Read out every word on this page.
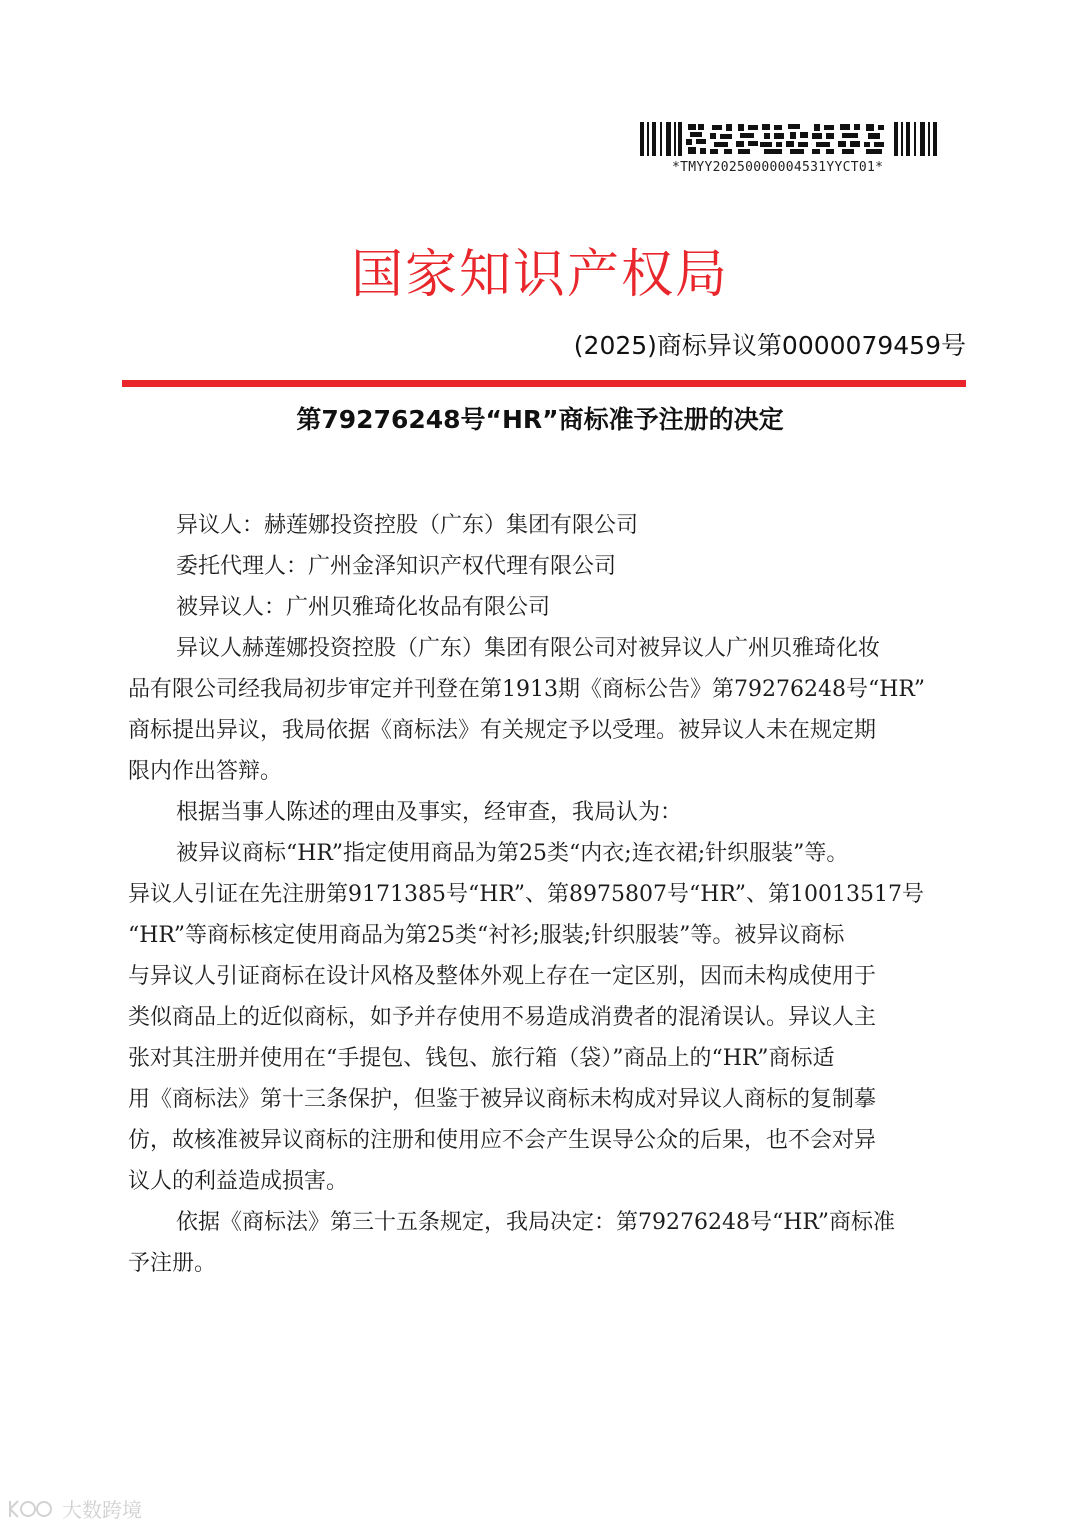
*TMYY20250000004531YYCT01*
国家知识产权局
(2025)商标异议第0000079459号
第79276248号“HR”商标准予注册的决定
异议人：赫莲娜投资控股（广东）集团有限公司
委托代理人：广州金泽知识产权代理有限公司
被异议人：广州贝雅琦化妆品有限公司
异议人赫莲娜投资控股（广东）集团有限公司对被异议人广州贝雅琦化妆
品有限公司经我局初步审定并刊登在第1913期《商标公告》第79276248号“HR”
商标提出异议，我局依据《商标法》有关规定予以受理。被异议人未在规定期
限内作出答辩。
根据当事人陈述的理由及事实，经审查，我局认为：
被异议商标“HR”指定使用商品为第25类“内衣;连衣裙;针织服装”等。
异议人引证在先注册第9171385号“HR”、第8975807号“HR”、第10013517号
“HR”等商标核定使用商品为第25类“衬衫;服装;针织服装”等。被异议商标
与异议人引证商标在设计风格及整体外观上存在一定区别，因而未构成使用于
类似商品上的近似商标，如予并存使用不易造成消费者的混淆误认。异议人主
张对其注册并使用在“手提包、钱包、旅行箱（袋）”商品上的“HR”商标适
用《商标法》第十三条保护，但鉴于被异议商标未构成对异议人商标的复制摹
仿，故核准被异议商标的注册和使用应不会产生误导公众的后果，也不会对异
议人的利益造成损害。
依据《商标法》第三十五条规定，我局决定：第79276248号“HR”商标准
予注册。
大数跨境
